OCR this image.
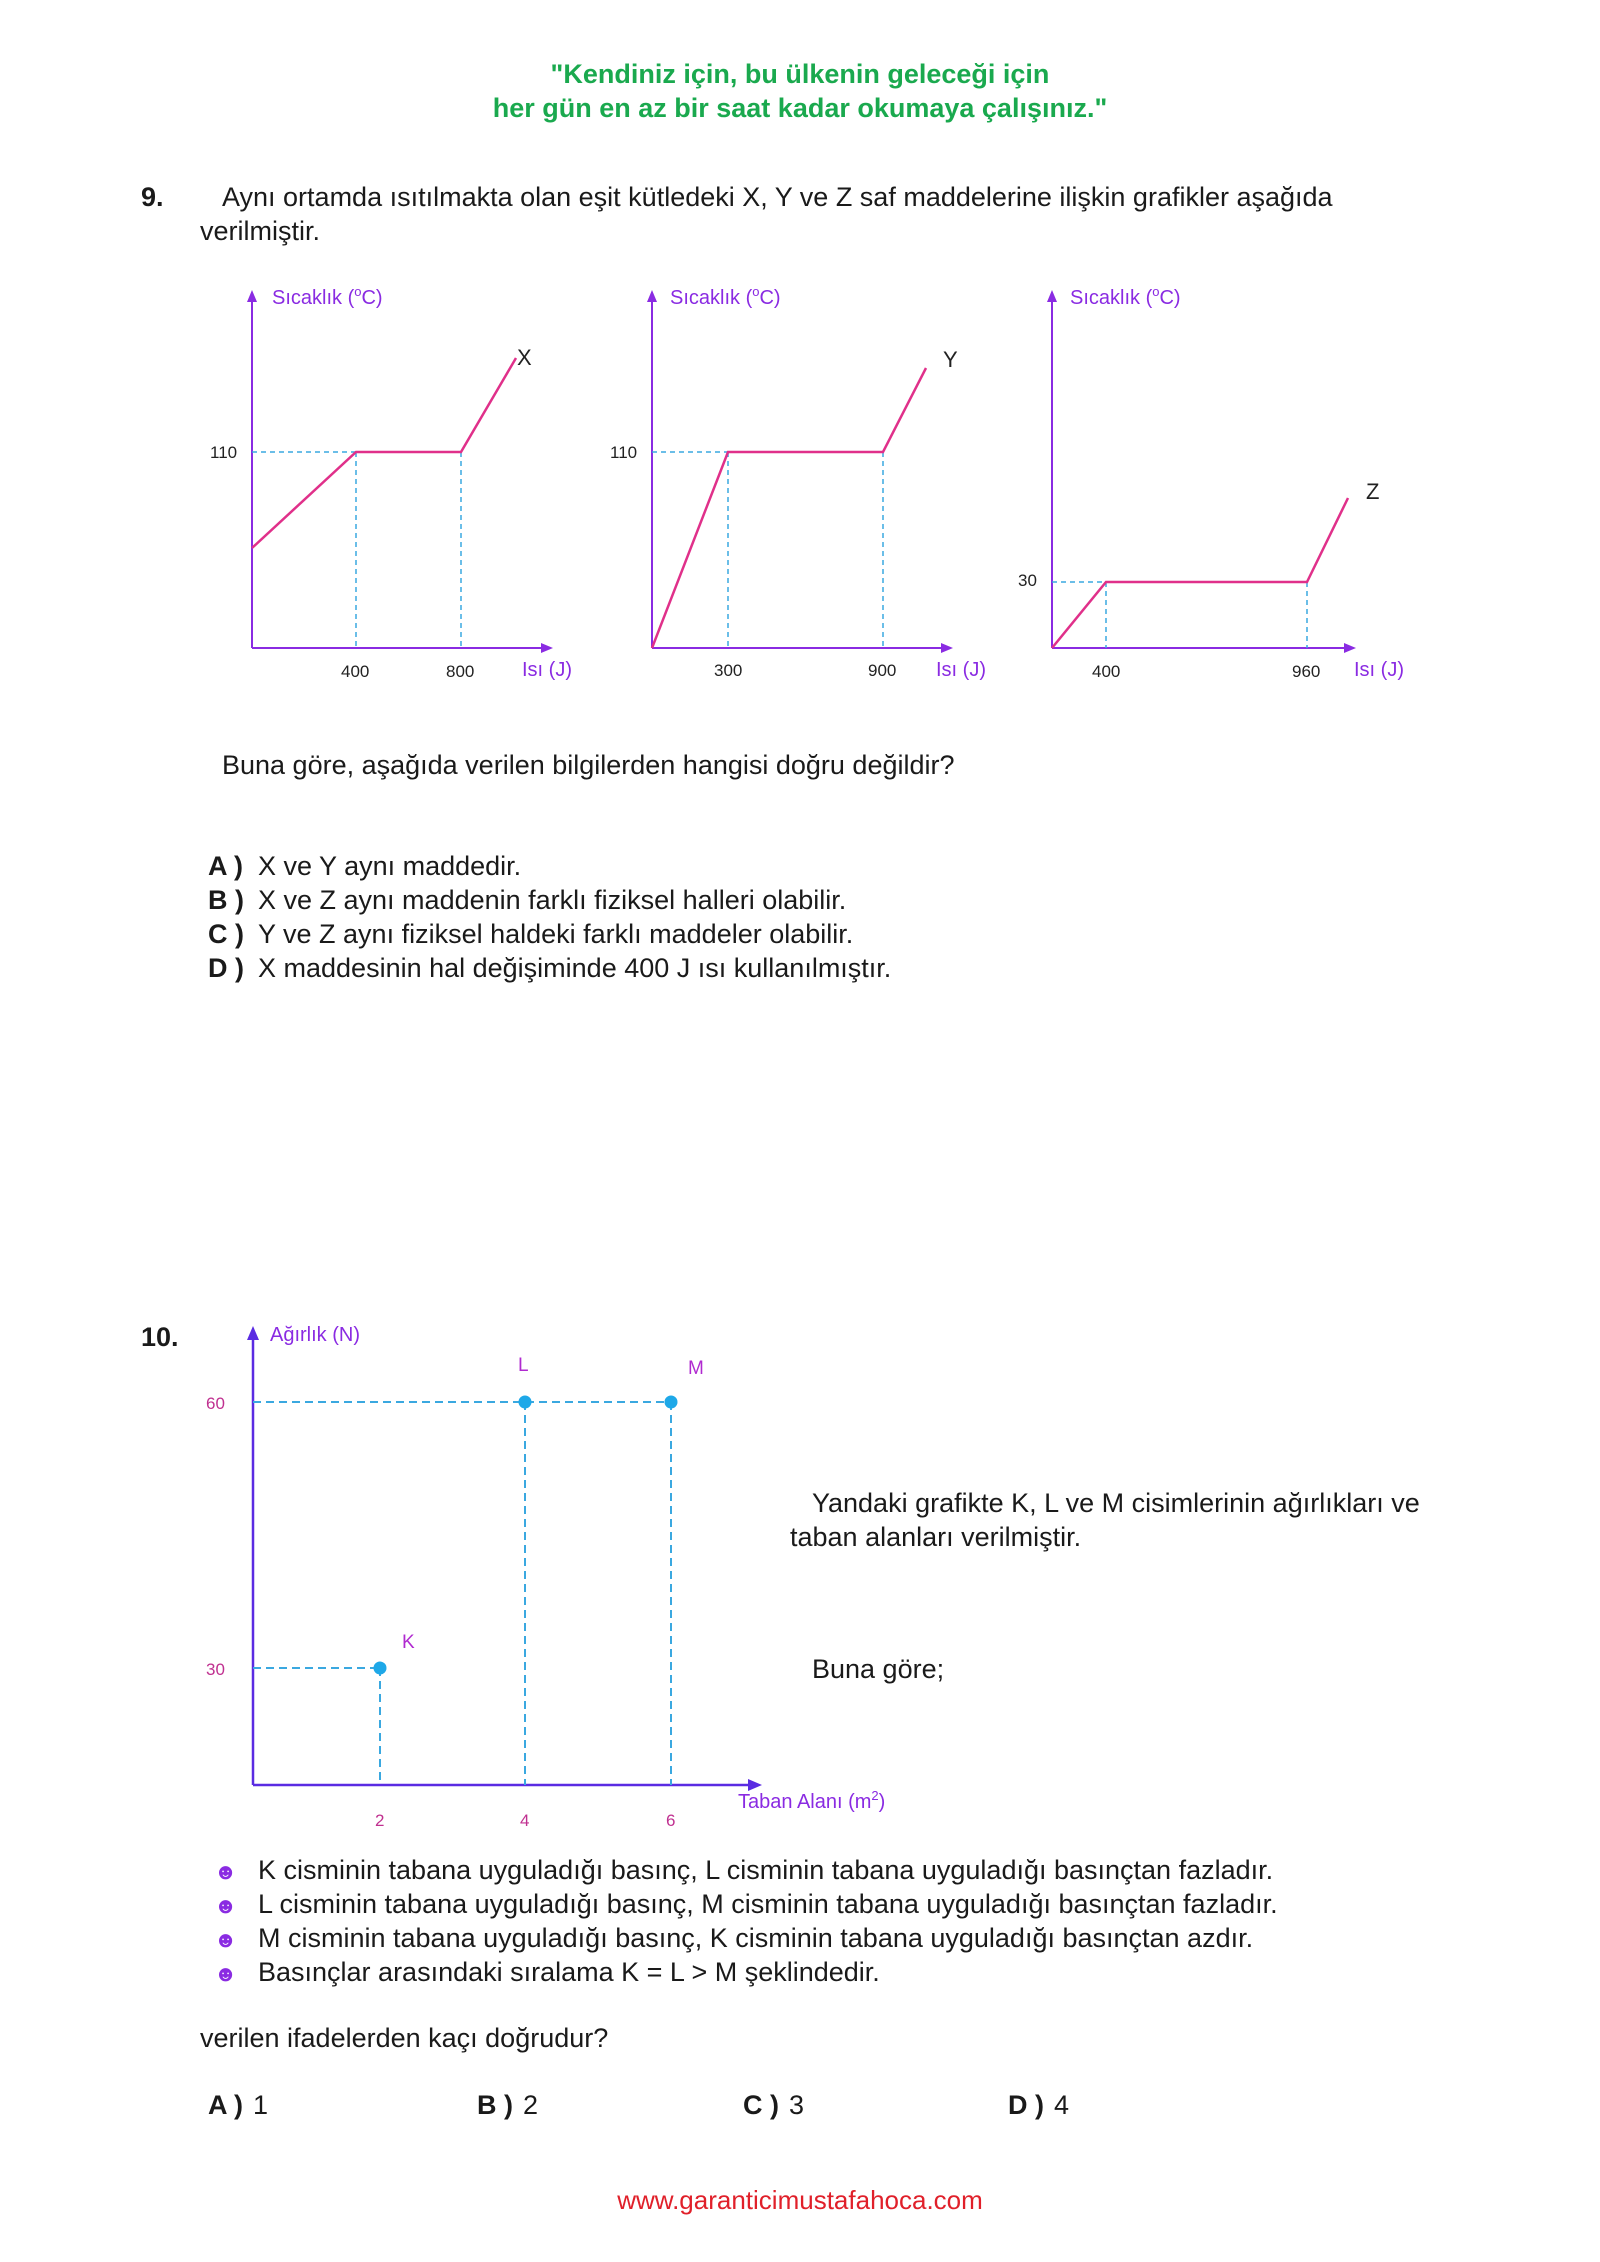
"Kendiniz için, bu ülkenin geleceği için
her gün en az bir saat kadar okumaya çalışınız."
9. Aynı ortamda ısıtılmakta olan eşit kütledeki X, Y ve Z saf maddelerine ilişkin grafikler aşağıda
verilmiştir.
Sıcaklık ($^o$C)
Isı (J)
110
400	800
X
Sıcaklık ($^o$C)
Isı (J)
110
300	900
Y
Sıcaklık ($^o$C)
Isı (J)
30
400	960
Z
Buna göre, aşağıda verilen bilgilerden hangisi doğru değildir?
A ) X ve Y aynı maddedir.
B ) X ve Z aynı maddenin farklı fiziksel halleri olabilir.
C ) Y ve Z aynı fiziksel haldeki farklı maddeler olabilir.
D ) X maddesinin hal değişiminde 400 J ısı kullanılmıştır.
10.	Ağırlık (N)
Taban Alanı $(m^2)$
K
L	M
60
30
2	4	6
Yandaki grafikte K, L ve M cisimlerinin ağırlıkları ve
taban alanları verilmiştir.
Buna göre;
☻ K cisminin tabana uyguladığı basınç, L cisminin tabana uyguladığı basınçtan fazladır.
☻ L cisminin tabana uyguladığı basınç, M cisminin tabana uyguladığı basınçtan fazladır.
☻ M cisminin tabana uyguladığı basınç, K cisminin tabana uyguladığı basınçtan azdır.
☻ Basınçlar arasındaki sıralama K = L > M şeklindedir.
verilen ifadelerden kaçı doğrudur?
A ) 1	B ) 2	C ) 3	D ) 4
www.garanticimustafahoca.com
